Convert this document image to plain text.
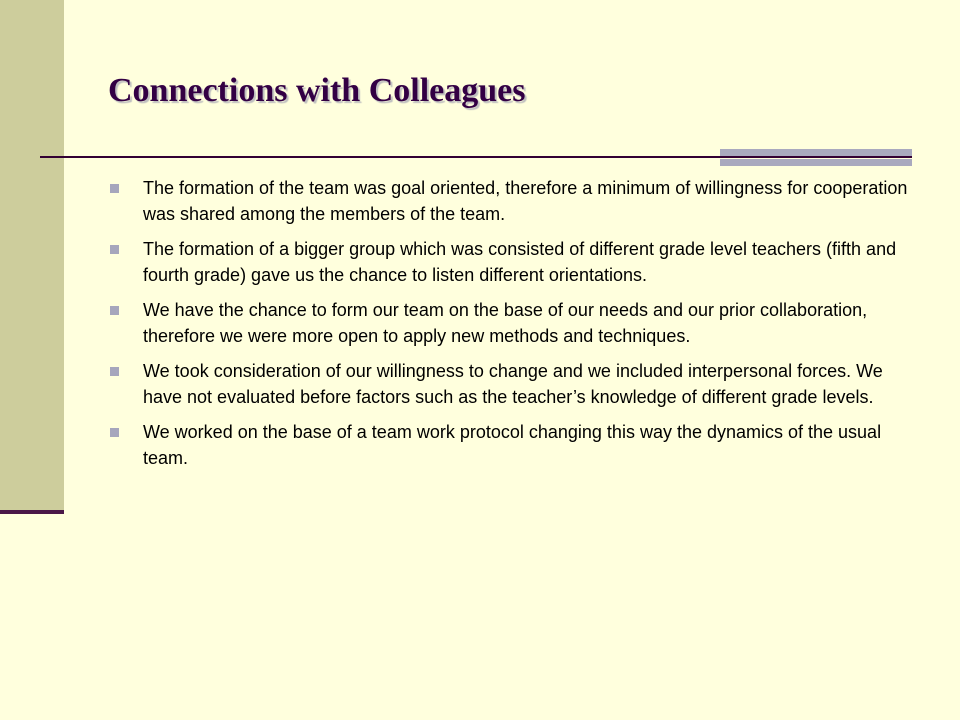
Connections with Colleagues
The formation of the team was goal oriented, therefore a minimum of willingness for cooperation was shared among the members of the team.
The formation of a bigger group which was consisted of different grade level teachers (fifth and fourth grade) gave us the chance to listen different orientations.
We have the chance to form our team on the base of our needs and our prior collaboration, therefore we were more open to apply new methods and techniques.
We took consideration of our willingness to change and we included interpersonal forces. We have not evaluated before factors such as the teacher’s knowledge of different grade levels.
We worked on the base of a team work protocol changing this way the dynamics of the usual team.
